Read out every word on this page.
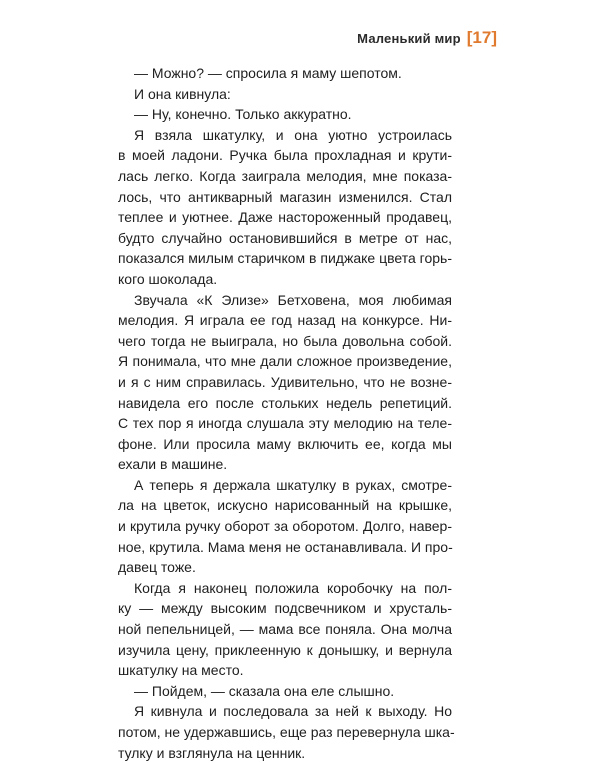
Маленький мир [17]
— Можно? — спросила я маму шепотом.
И она кивнула:
— Ну, конечно. Только аккуратно.
Я взяла шкатулку, и она уютно устроилась
в моей ладони. Ручка была прохладная и крути-
лась легко. Когда заиграла мелодия, мне показа-
лось, что антикварный магазин изменился. Стал
теплее и уютнее. Даже настороженный продавец,
будто случайно остановившийся в метре от нас,
показался милым старичком в пиджаке цвета горь-
кого шоколада.
Звучала «К Элизе» Бетховена, моя любимая
мелодия. Я играла ее год назад на конкурсе. Ни-
чего тогда не выиграла, но была довольна собой.
Я понимала, что мне дали сложное произведение,
и я с ним справилась. Удивительно, что не возне-
навидела его после стольких недель репетиций.
С тех пор я иногда слушала эту мелодию на теле-
фоне. Или просила маму включить ее, когда мы
ехали в машине.
А теперь я держала шкатулку в руках, смотре-
ла на цветок, искусно нарисованный на крышке,
и крутила ручку оборот за оборотом. Долго, навер-
ное, крутила. Мама меня не останавливала. И про-
давец тоже.
Когда я наконец положила коробочку на пол-
ку — между высоким подсвечником и хрусталь-
ной пепельницей, — мама все поняла. Она молча
изучила цену, приклеенную к донышку, и вернула
шкатулку на место.
— Пойдем, — сказала она еле слышно.
Я кивнула и последовала за ней к выходу. Но
потом, не удержавшись, еще раз перевернула шка-
тулку и взглянула на ценник.
